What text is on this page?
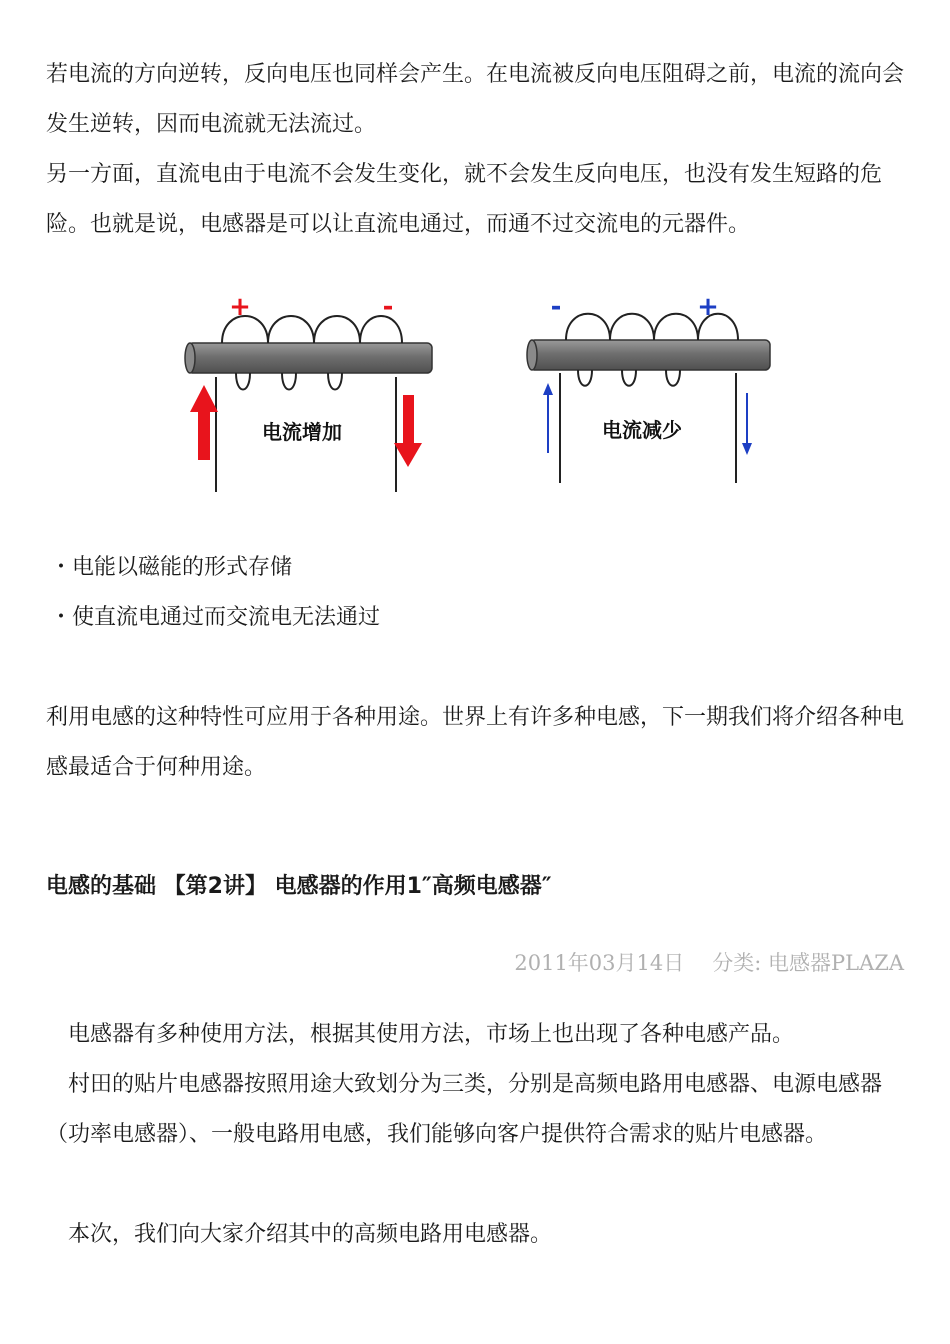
若电流的方向逆转，反向电压也同样会产生。在电流被反向电压阻碍之前，电流的流向会发生逆转，因而电流就无法流过。

另一方面，直流电由于电流不会发生变化，就不会发生反向电压，也没有发生短路的危险。也就是说，电感器是可以让直流电通过，而通不过交流电的元器件。

+	-
电流增加
-	+
电流减少

・电能以磁能的形式存储

・使直流电通过而交流电无法通过

利用电感的这种特性可应用于各种用途。世界上有许多种电感，下一期我们将介绍各种电感最适合于何种用途。

电感的基础 【第2讲】 电感器的作用1″高频电感器″

2011年03月14日 分类: 电感器PLAZA

电感器有多种使用方法，根据其使用方法，市场上也出现了各种电感产品。

村田的贴片电感器按照用途大致划分为三类，分别是高频电路用电感器、电源电感器（功率电感器）、一般电路用电感，我们能够向客户提供符合需求的贴片电感器。

本次，我们向大家介绍其中的高频电路用电感器。
